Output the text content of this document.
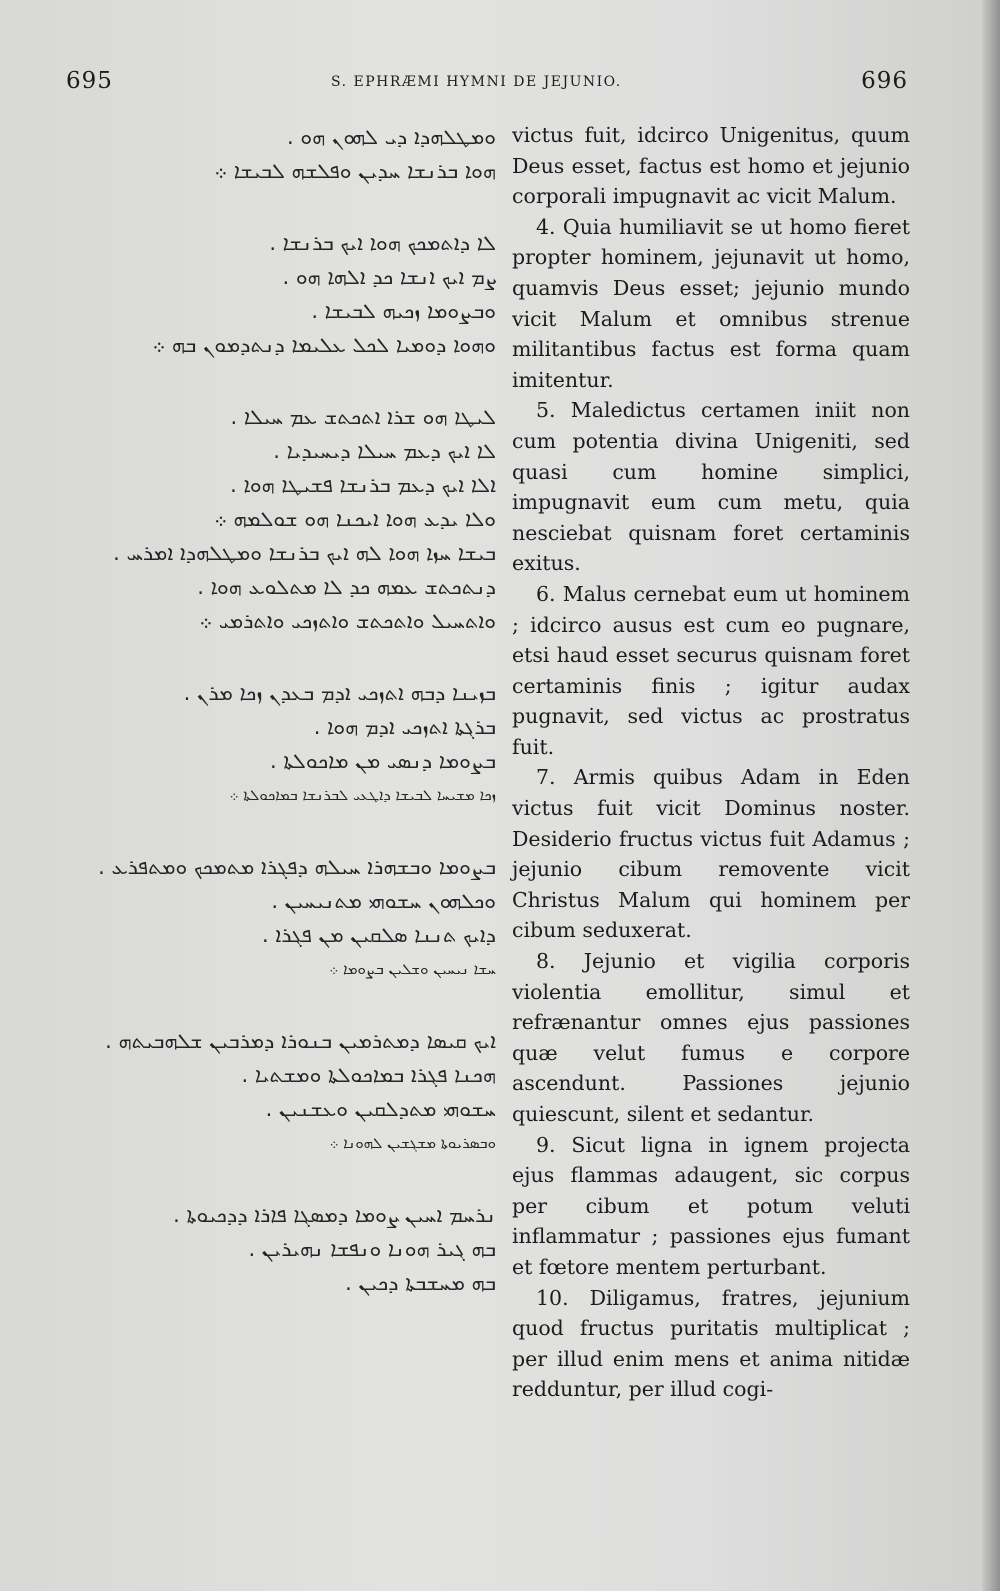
695	S. EPHRÆMI HYMNI DE JEJUNIO.	696
ܘܡܛܠܗܕܐ ܕܝ ܠܗܘܢ ܗܘ .
ܗܘܐ ܒܪܢܫܐ ܚܕܝܢ ܘܦܠܫܗ ܠܒܝܫܐ ܀
ܠܐ ܕܐܬܡܟܟ ܗܘܐ ܐܝܟ ܒܪܢܫܐ .
ܨܡ ܐܝܟ ܐܢܫܐ ܟܕ ܐܠܗܐ ܗܘ .
ܘܒܨܘܡܐ ܙܟܝܗ ܠܒܝܫܐ .
ܘܗܘܐ ܕܘܡܝܐ ܠܟܠ ܥܠܝܡܐ ܕܢܬܕܡܘܢ ܒܗ ܀
ܠܝܛܐ ܗܘ ܫܪܐ ܐܬܟܬܫ ܥܡ ܚܝܠܐ .
ܠܐ ܐܝܟ ܕܥܡ ܚܝܠܐ ܕܝܚܝܕܝܐ .
ܐܠܐ ܐܝܟ ܕܥܡ ܒܪܢܫܐ ܦܫܝܛܐ ܗܘܐ .
ܘܠܐ ܝܕܥ ܗܘܐ ܐܝܟܢܐ ܗܘ ܫܘܠܡܗ ܀
ܒܝܫܐ ܚܙܐ ܗܘܐ ܠܗ ܐܝܟ ܒܪܢܫܐ ܘܡܛܠܗܕܐ ܐܡܪܚ .
ܕܢܬܟܬܫ ܥܡܗ ܟܕ ܠܐ ܡܬܠܘܥ ܗܘܐ .
ܘܐܬܚܝܠ ܘܐܬܟܬܫ ܘܐܬܙܟܝ ܘܐܬܪܡܝ ܀
ܒܙܝܢܐ ܕܒܗ ܐܬܙܟܝ ܐܕܡ ܒܥܕܢ ܙܟܐ ܡܪܢ .
ܒܪܓܬܐ ܐܬܙܟܝ ܐܕܡ ܗܘܐ .
ܒܨܘܡܐ ܕܢܣܝ ܡܢ ܡܐܟܘܠܬܐ .
ܙܟܐ ܡܫܝܚܐ ܠܒܝܫܐ ܕܐܛܥܝ ܠܒܪܢܫܐ ܒܡܐܟܘܠܬܐ ܀
ܒܨܘܡܐ ܘܒܫܗܪܐ ܚܝܠܗ ܕܦܓܪܐ ܡܬܡܟܟ ܘܡܬܦܪܥ .
ܘܟܠܗܘܢ ܚܫܘܗܝ ܡܬܢܝܚܝܢ .
ܕܐܝܟ ܬܢܢܐ ܣܠܩܝܢ ܡܢ ܦܓܪܐ .
ܚܫܐ ܢܝܚܝܢ ܘܫܠܝܢ ܒܨܘܡܐ ܀
ܐܝܟ ܩܝܣܐ ܕܡܬܪܡܝܢ ܒܢܘܪܐ ܕܡܪܒܝܢ ܫܠܗܒܝܬܗ .
ܗܟܢܐ ܦܓܪܐ ܒܡܐܟܘܠܬܐ ܘܡܫܬܝܐ .
ܚܫܘܗܝ ܡܬܕܠܩܝܢ ܘܥܫܢܝܢ .
ܘܒܣܪܝܘܬܐ ܡܫܓܫܝܢ ܠܗܘܢܐ ܀
ܢܪܚܡ ܐܚܝܢ ܨܘܡܐ ܕܡܣܓܐ ܦܐܪܐ ܕܕܟܝܘܬܐ .
ܒܗ ܓܝܪ ܗܘܢܐ ܘܢܦܫܐ ܢܗܝܪܝܢ .
ܒܗ ܡܚܫܒܬܐ ܕܟܝܢ .

victus fuit, idcirco Unigenitus, quum Deus esset, factus est homo et jejunio corporali impugnavit ac vicit Malum.

4. Quia humiliavit se ut homo fieret propter hominem, jejunavit ut homo, quamvis Deus esset; jejunio mundo vicit Malum et omnibus strenue militantibus factus est forma quam imitentur.

5. Maledictus certamen iniit non cum potentia divina Unigeniti, sed quasi cum homine simplici, impugnavit eum cum metu, quia nesciebat quisnam foret certaminis exitus.

6. Malus cernebat eum ut hominem ; idcirco ausus est cum eo pugnare, etsi haud esset securus quisnam foret certaminis finis ; igitur audax pugnavit, sed victus ac prostratus fuit.

7. Armis quibus Adam in Eden victus fuit vicit Dominus noster. Desiderio fructus victus fuit Adamus ; jejunio cibum removente vicit Christus Malum qui hominem per cibum seduxerat.

8. Jejunio et vigilia corporis violentia emollitur, simul et refrænantur omnes ejus passiones quæ velut fumus e corpore ascendunt. Passiones jejunio quiescunt, silent et sedantur.

9. Sicut ligna in ignem projecta ejus flammas adaugent, sic corpus per cibum et potum veluti inflammatur ; passiones ejus fumant et fœtore mentem perturbant.

10. Diligamus, fratres, jejunium quod fructus puritatis multiplicat ; per illud enim mens et anima nitidæ redduntur, per illud cogi-
